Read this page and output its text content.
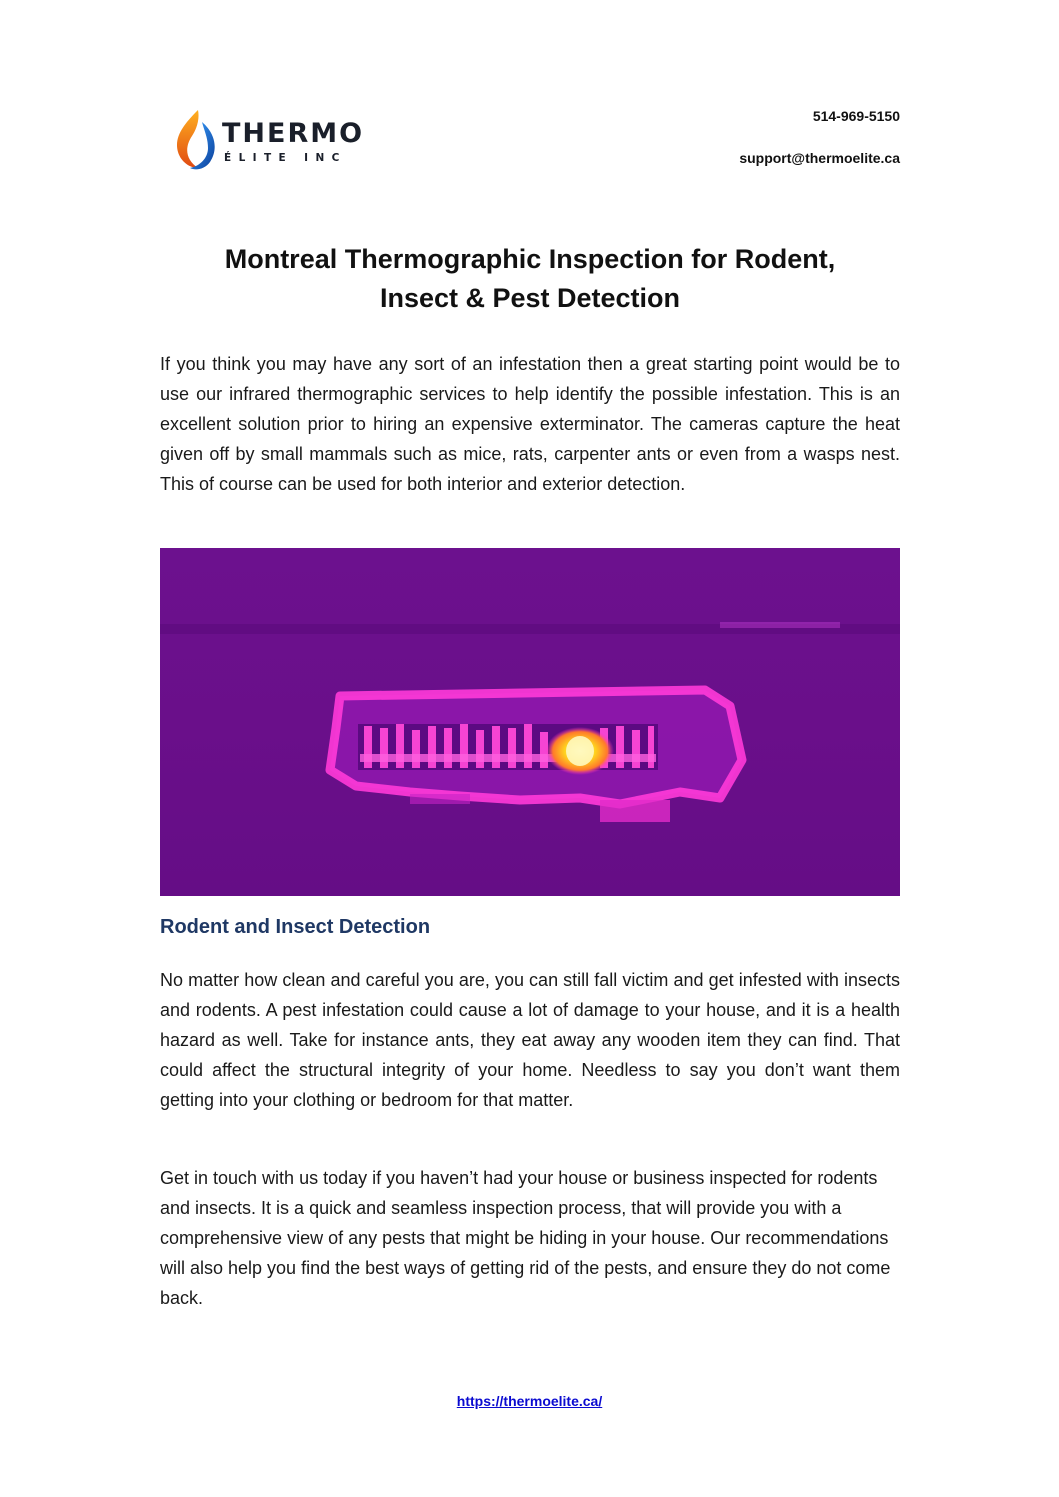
THERMO
ÉLITE INC
514-969-5150
support@thermoelite.ca
Montreal Thermographic Inspection for Rodent,
Insect & Pest Detection

If you think you may have any sort of an infestation then a great starting point would be to use our infrared thermographic services to help identify the possible infestation. This is an excellent solution prior to hiring an expensive exterminator. The cameras capture the heat given off by small mammals such as mice, rats, carpenter ants or even from a wasps nest. This of course can be used for both interior and exterior detection.

Rodent and Insect Detection

No matter how clean and careful you are, you can still fall victim and get infested with insects and rodents. A pest infestation could cause a lot of damage to your house, and it is a health hazard as well. Take for instance ants, they eat away any wooden item they can find. That could affect the structural integrity of your home. Needless to say you don’t want them getting into your clothing or bedroom for that matter.

Get in touch with us today if you haven’t had your house or business inspected for rodents and insects. It is a quick and seamless inspection process, that will provide you with a comprehensive view of any pests that might be hiding in your house. Our recommendations will also help you find the best ways of getting rid of the pests, and ensure they do not come back.

https://thermoelite.ca/
